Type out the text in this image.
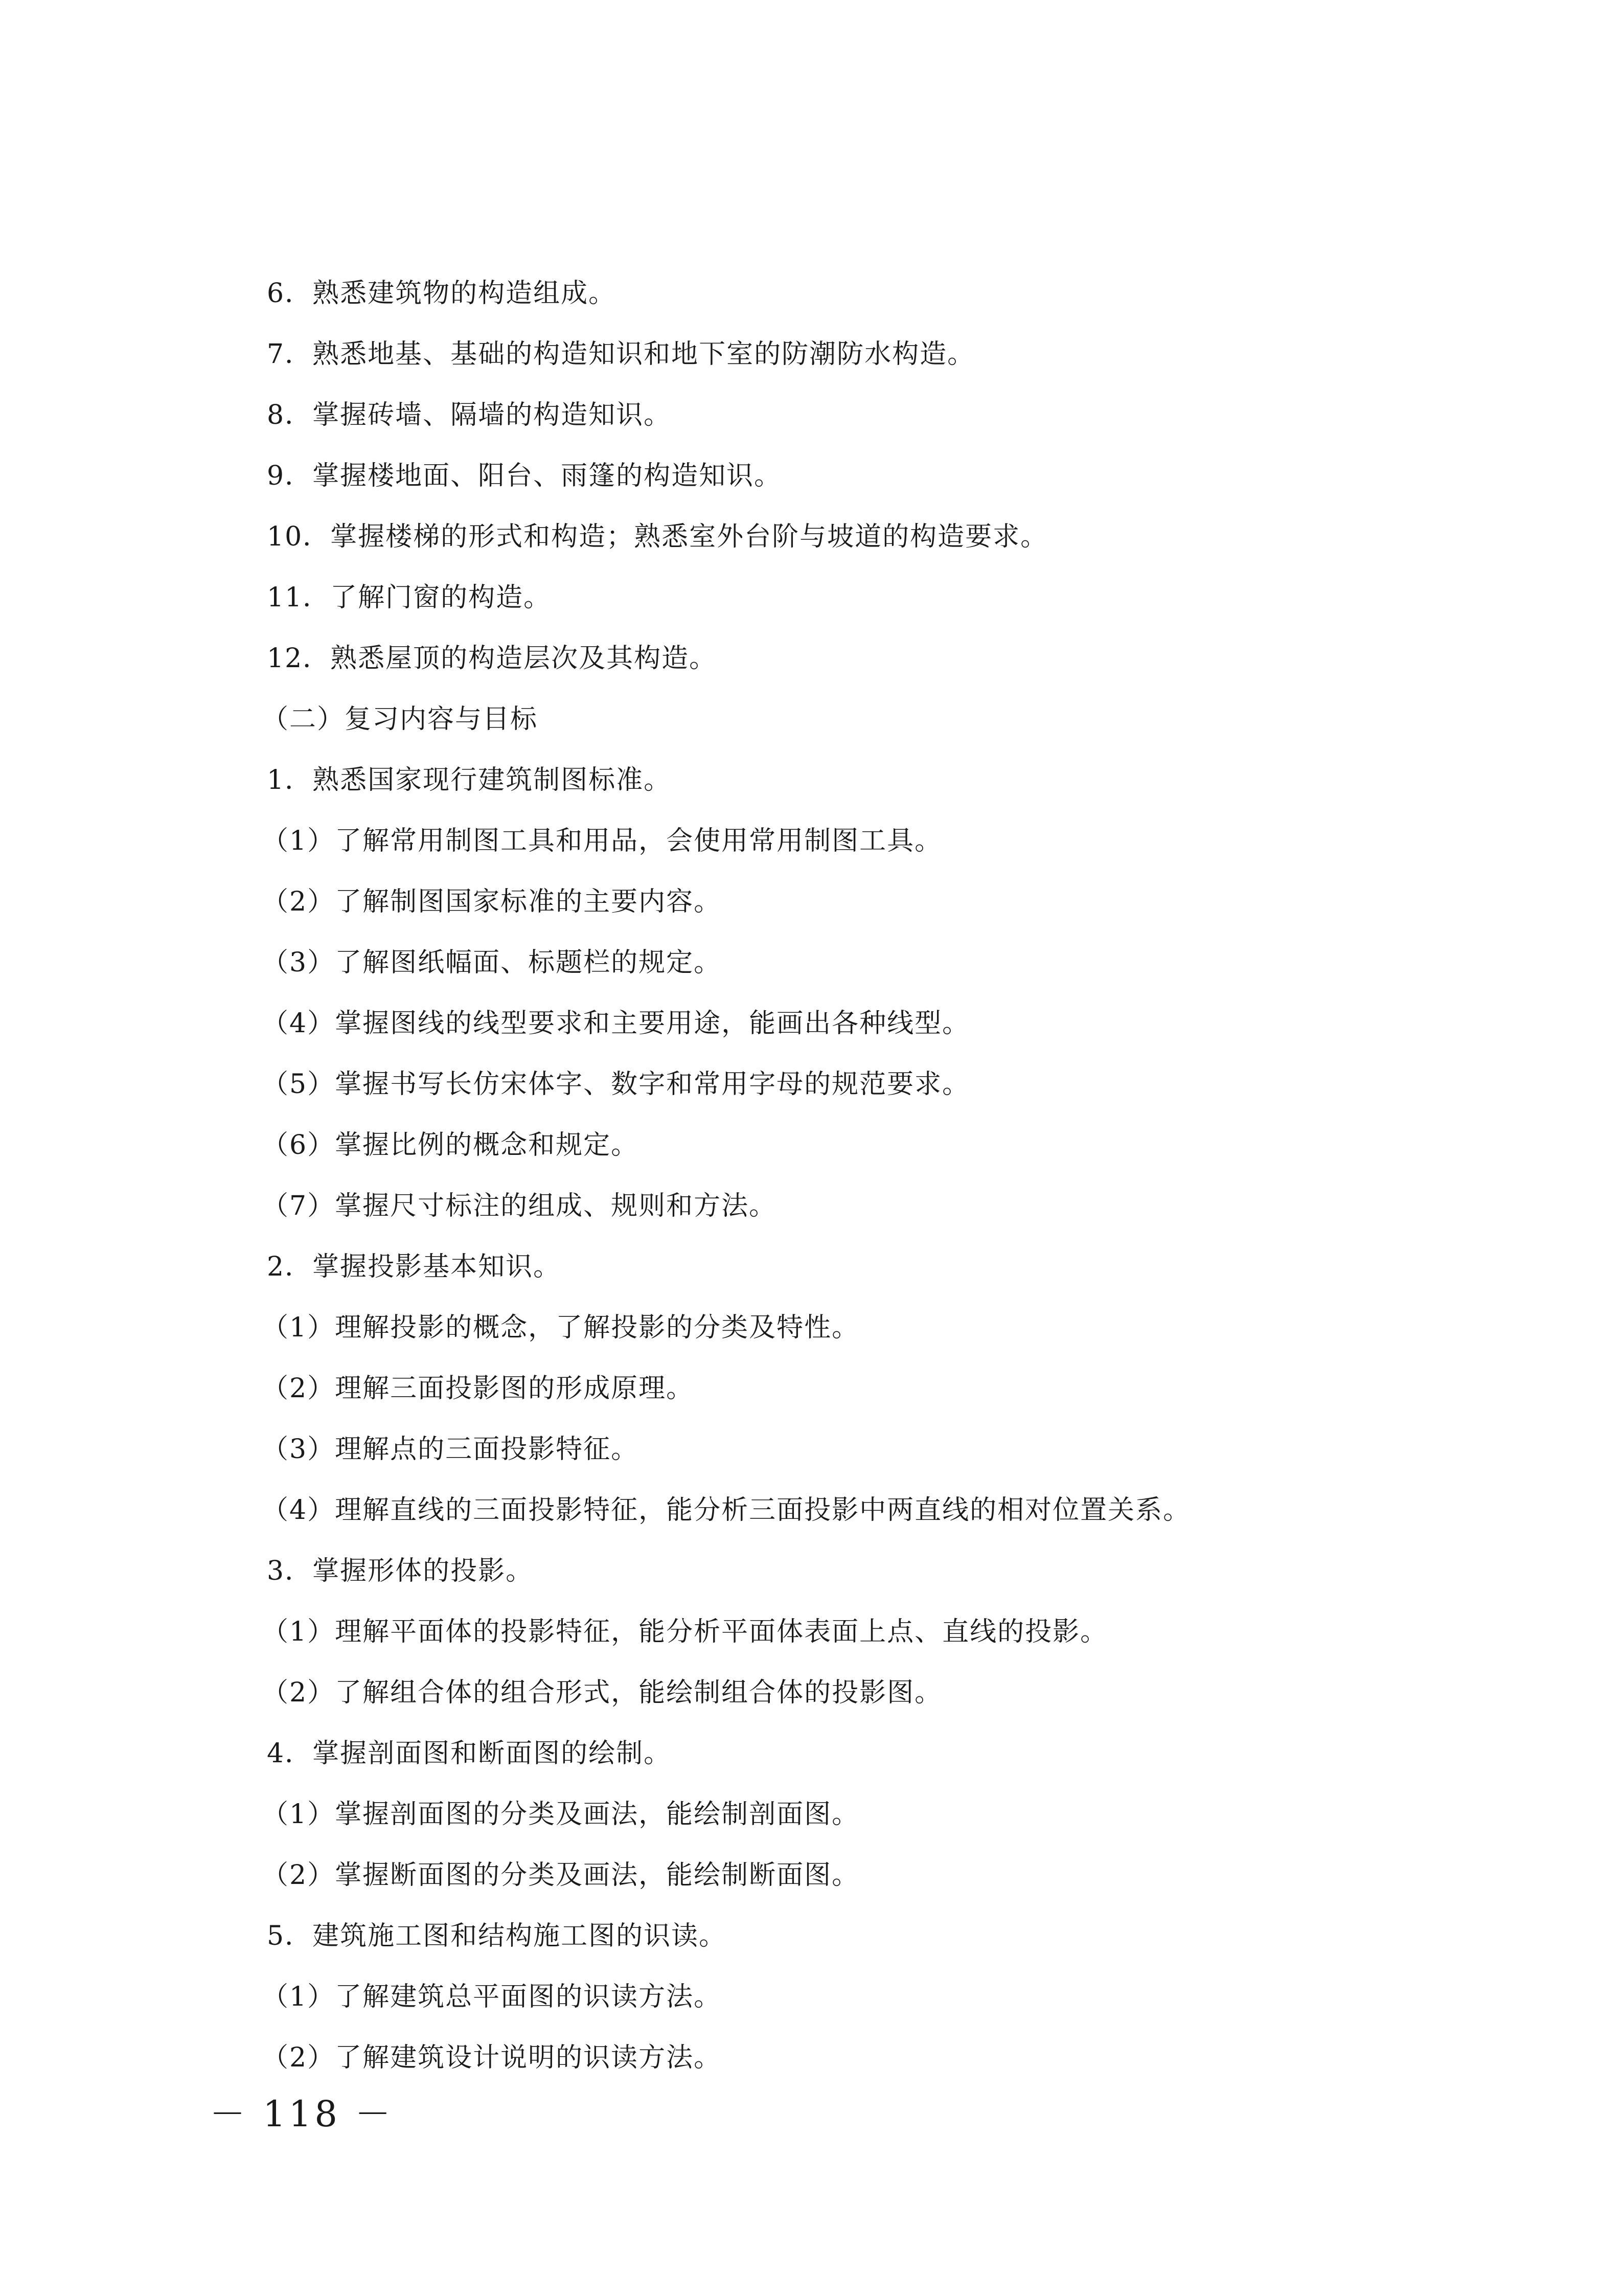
6．熟悉建筑物的构造组成。
7．熟悉地基、基础的构造知识和地下室的防潮防水构造。
8．掌握砖墙、隔墙的构造知识。
9．掌握楼地面、阳台、雨篷的构造知识。
10．掌握楼梯的形式和构造；熟悉室外台阶与坡道的构造要求。
11．了解门窗的构造。
12．熟悉屋顶的构造层次及其构造。
（二）复习内容与目标
1．熟悉国家现行建筑制图标准。
（1）了解常用制图工具和用品，会使用常用制图工具。
（2）了解制图国家标准的主要内容。
（3）了解图纸幅面、标题栏的规定。
（4）掌握图线的线型要求和主要用途，能画出各种线型。
（5）掌握书写长仿宋体字、数字和常用字母的规范要求。
（6）掌握比例的概念和规定。
（7）掌握尺寸标注的组成、规则和方法。
2．掌握投影基本知识。
（1）理解投影的概念，了解投影的分类及特性。
（2）理解三面投影图的形成原理。
（3）理解点的三面投影特征。
（4）理解直线的三面投影特征，能分析三面投影中两直线的相对位置关系。
3．掌握形体的投影。
（1）理解平面体的投影特征，能分析平面体表面上点、直线的投影。
（2）了解组合体的组合形式，能绘制组合体的投影图。
4．掌握剖面图和断面图的绘制。
（1）掌握剖面图的分类及画法，能绘制剖面图。
（2）掌握断面图的分类及画法，能绘制断面图。
5．建筑施工图和结构施工图的识读。
（1）了解建筑总平面图的识读方法。
（2）了解建筑设计说明的识读方法。
－ 118 －
